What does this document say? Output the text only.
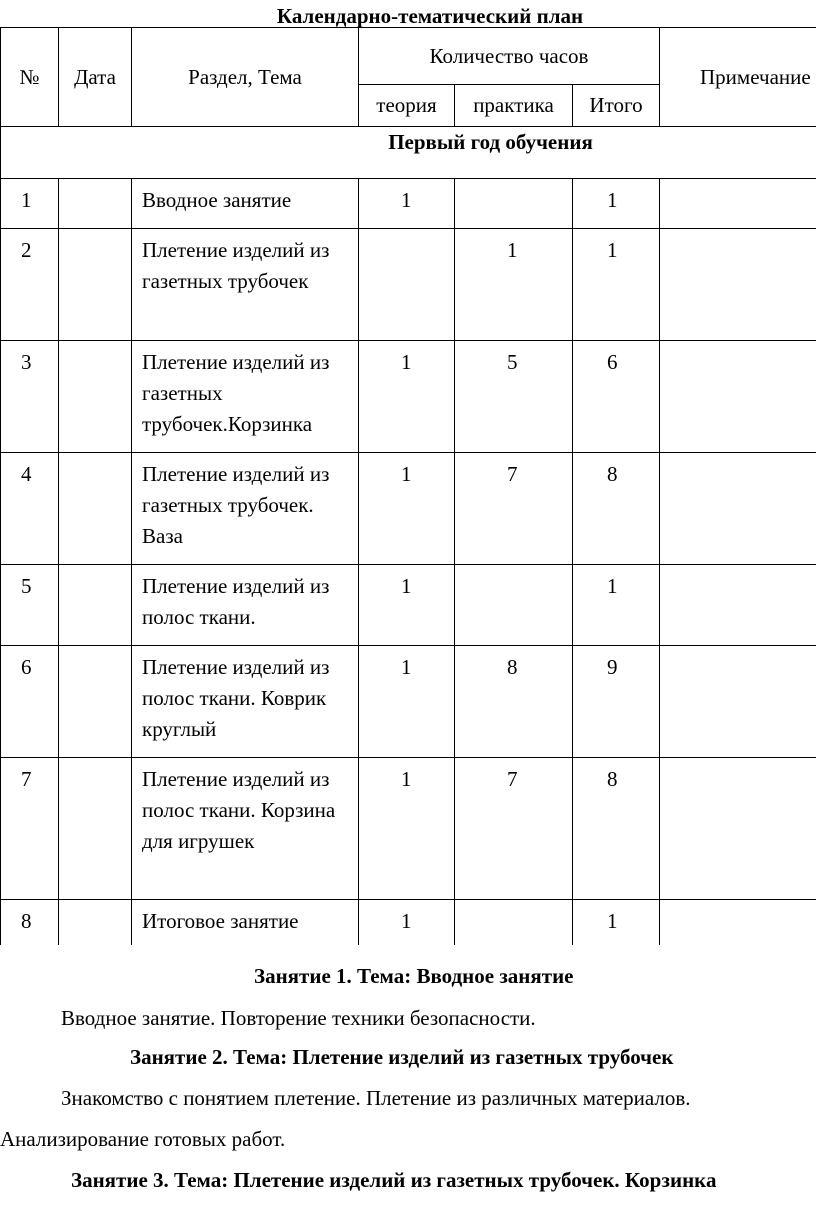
Календарно-тематический план
№	Дата	Раздел, Тема	Количество часов			Примечание
			теория	практика	Итого	
Первый год обучения						
1		Вводное занятие	1		1	
2		Плетение изделий из газетных трубочек		1	1	
3		Плетение изделий из газетных трубочек.Корзинка	1	5	6	
4		Плетение изделий из газетных трубочек. Ваза	1	7	8	
5		Плетение изделий из полос ткани.	1		1	
6		Плетение изделий из полос ткани. Коврик круглый	1	8	9	
7		Плетение изделий из полос ткани. Корзина для игрушек	1	7	8	
8		Итоговое занятие	1		1	
Занятие 1. Тема: Вводное занятие
Вводное занятие. Повторение техники безопасности.
Занятие 2. Тема: Плетение изделий из газетных трубочек
Знакомство с понятием плетение. Плетение из различных материалов.
Анализирование готовых работ.
Занятие 3. Тема: Плетение изделий из газетных трубочек. Корзинка
